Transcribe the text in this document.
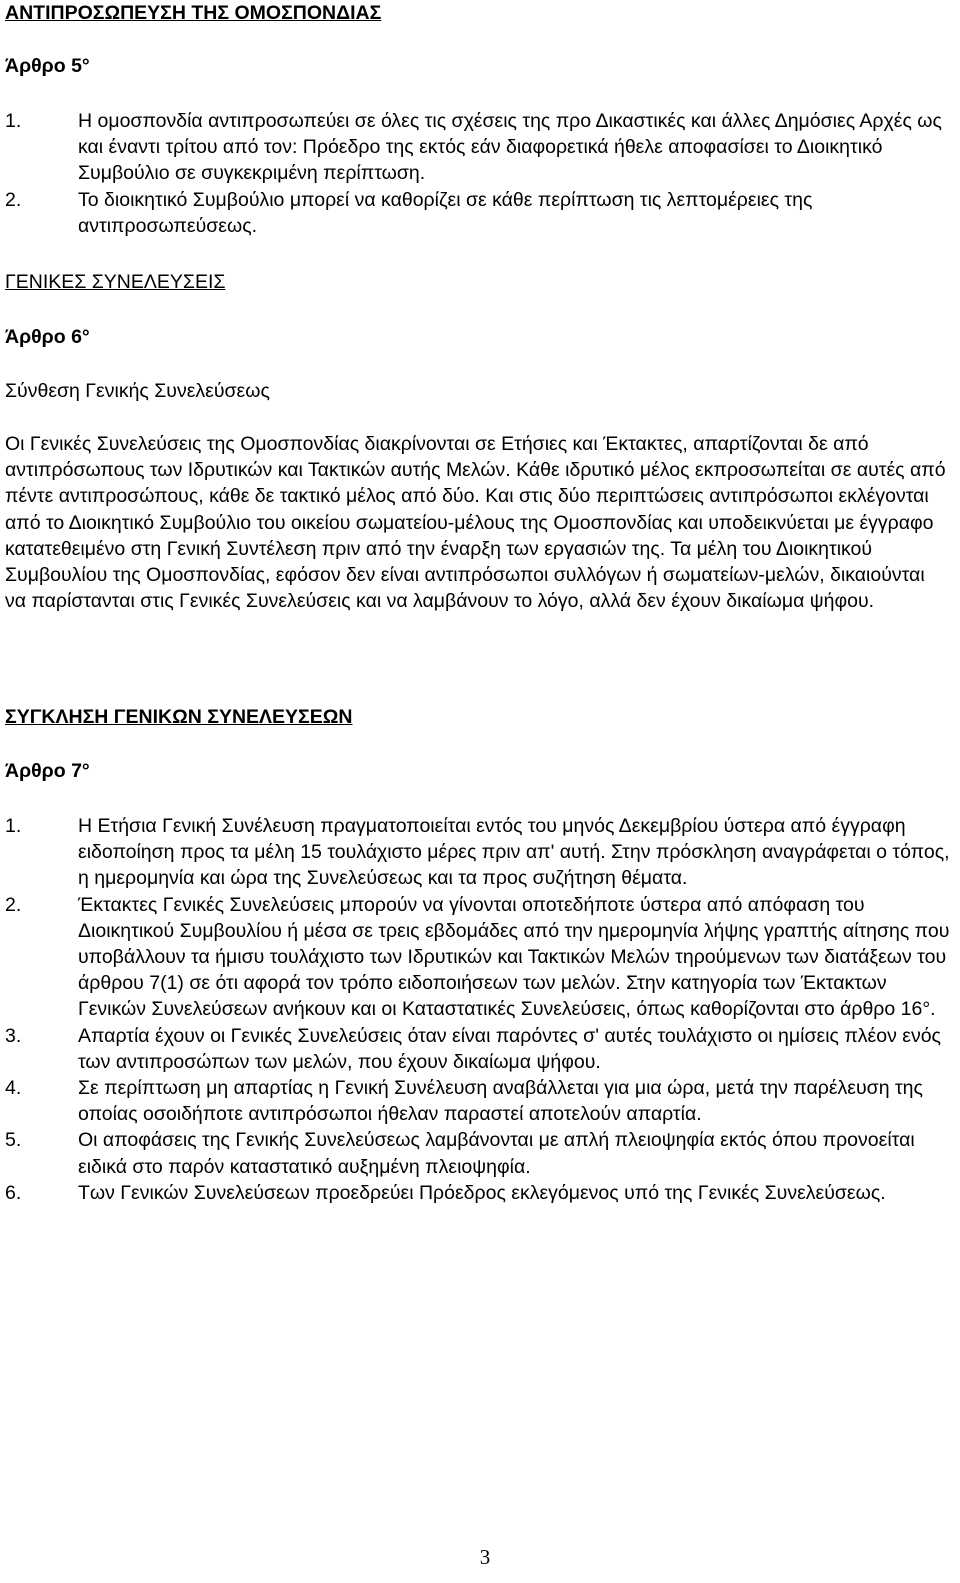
ΑΝΤΙΠΡΟΣΩΠΕΥΣΗ ΤΗΣ ΟΜΟΣΠΟΝΔΙΑΣ

Άρθρο 5°

1.	Η ομοσπονδία αντιπροσωπεύει σε όλες τις σχέσεις της προ Δικαστικές και άλλες Δημόσιες Αρχές ως και έναντι τρίτου από τον: Πρόεδρο της εκτός εάν διαφορετικά ήθελε αποφασίσει το Διοικητικό Συμβούλιο σε συγκεκριμένη περίπτωση.
2.	Το διοικητικό Συμβούλιο μπορεί να καθορίζει σε κάθε περίπτωση τις λεπτομέρειες της αντιπροσωπεύσεως.

ΓΕΝΙΚΕΣ ΣΥΝΕΛΕΥΣΕΙΣ

Άρθρο 6°

Σύνθεση Γενικής Συνελεύσεως

Οι Γενικές Συνελεύσεις της Ομοσπονδίας διακρίνονται σε Ετήσιες και Έκτακτες, απαρτίζονται δε από αντιπρόσωπους των Ιδρυτικών και Τακτικών αυτής Μελών. Κάθε ιδρυτικό μέλος εκπροσωπείται σε αυτές από πέντε αντιπροσώπους, κάθε δε τακτικό μέλος από δύο. Και στις δύο περιπτώσεις αντιπρόσωποι εκλέγονται από το Διοικητικό Συμβούλιο του οικείου σωματείου-μέλους της Ομοσπονδίας και υποδεικνύεται με έγγραφο κατατεθειμένο στη Γενική Συντέλεση πριν από την έναρξη των εργασιών της. Τα μέλη του Διοικητικού Συμβουλίου της Ομοσπονδίας, εφόσον δεν είναι αντιπρόσωποι συλλόγων ή σωματείων-μελών, δικαιούνται να παρίστανται στις Γενικές Συνελεύσεις και να λαμβάνουν το λόγο, αλλά δεν έχουν δικαίωμα ψήφου.

ΣΥΓΚΛΗΣΗ ΓΕΝΙΚΩΝ ΣΥΝΕΛΕΥΣΕΩΝ

Άρθρο 7°

1.	Η Ετήσια Γενική Συνέλευση πραγματοποιείται εντός του μηνός Δεκεμβρίου ύστερα από έγγραφη ειδοποίηση προς τα μέλη 15 τουλάχιστο μέρες πριν απ' αυτή. Στην πρόσκληση αναγράφεται ο τόπος, η ημερομηνία και ώρα της Συνελεύσεως και τα προς συζήτηση θέματα.
2.	Έκτακτες Γενικές Συνελεύσεις μπορούν να γίνονται οποτεδήποτε ύστερα από απόφαση του Διοικητικού Συμβουλίου ή μέσα σε τρεις εβδομάδες από την ημερομηνία λήψης γραπτής αίτησης που υποβάλλουν τα ήμισυ τουλάχιστο των Ιδρυτικών και Τακτικών Μελών τηρούμενων των διατάξεων του άρθρου 7(1) σε ότι αφορά τον τρόπο ειδοποιήσεων των μελών. Στην κατηγορία των Έκτακτων Γενικών Συνελεύσεων ανήκουν και οι Καταστατικές Συνελεύσεις, όπως καθορίζονται στο άρθρο 16°.
3.	Απαρτία έχουν οι Γενικές Συνελεύσεις όταν είναι παρόντες σ' αυτές τουλάχιστο οι ημίσεις πλέον ενός των αντιπροσώπων των μελών, που έχουν δικαίωμα ψήφου.
4.	Σε περίπτωση μη απαρτίας η Γενική Συνέλευση αναβάλλεται για μια ώρα, μετά την παρέλευση της οποίας οσοιδήποτε αντιπρόσωποι ήθελαν παραστεί αποτελούν απαρτία.
5.	Οι αποφάσεις της Γενικής Συνελεύσεως λαμβάνονται με απλή πλειοψηφία εκτός όπου προνοείται ειδικά στο παρόν καταστατικό αυξημένη πλειοψηφία.
6.	Των Γενικών Συνελεύσεων προεδρεύει Πρόεδρος εκλεγόμενος υπό της Γενικές Συνελεύσεως.
3
